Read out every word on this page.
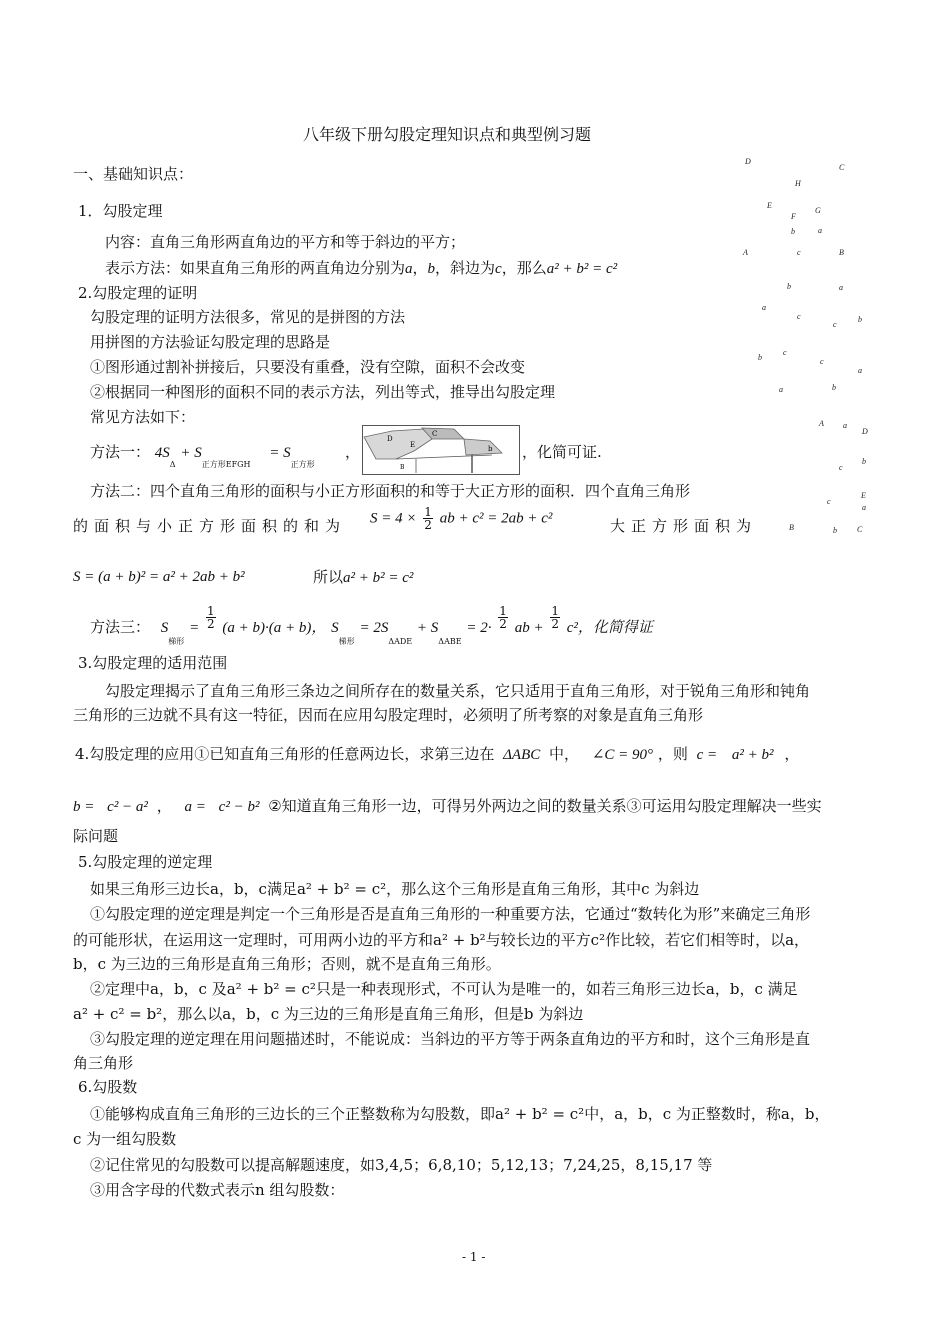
八年级下册勾股定理知识点和典型例习题
一、基础知识点：
1．勾股定理
内容：直角三角形两直角边的平方和等于斜边的平方；
表示方法：如果直角三角形的两直角边分别为a，b，斜边为c，那么a² + b² = c²
2.勾股定理的证明
勾股定理的证明方法很多，常见的是拼图的方法
用拼图的方法验证勾股定理的思路是
①图形通过割补拼接后，只要没有重叠，没有空隙，面积不会改变
②根据同一种图形的面积不同的表示方法，列出等式，推导出勾股定理
常见方法如下：
方法一： $4S_\Delta + S_{正方形EFGH} = S_{正方形}$
，
D
C
E	b
B
，化简可证.
方法二：四个直角三角形的面积与小正方形面积的和等于大正方形的面积．四个直角三角形
的面积与小正方形面积的和为 $S = 4 \times \frac{1}{2}$ ab + c² = 2ab + c²	大正方形面积为
S = (a + b)² = a² + 2ab + b²	所以a² + b² = c²
方法三： $S_{梯形} = \frac{1}{2} (a + b)\cdot(a + b)$， $S_{梯形} = 2S_{\Delta ADE} + S_{\Delta ABE} = 2\cdot \frac{1}{2}$ ab + $\frac{1}{2} c^2$，化简得证
3.勾股定理的适用范围
勾股定理揭示了直角三角形三条边之间所存在的数量关系，它只适用于直角三角形，对于锐角三角形和钝角
三角形的三边就不具有这一特征，因而在应用勾股定理时，必须明了所考察的对象是直角三角形
4.勾股定理的应用①已知直角三角形的任意两边长，求第三边在 ΔABC 中， ∠C = 90° ，则 c = a² + b² ，
b = c² − a² ， a = c² − b² ②知道直角三角形一边，可得另外两边之间的数量关系③可运用勾股定理解决一些实
际问题
5.勾股定理的逆定理
如果三角形三边长a，b，c满足a² + b² = c²，那么这个三角形是直角三角形，其中c 为斜边
①勾股定理的逆定理是判定一个三角形是否是直角三角形的一种重要方法，它通过“数转化为形”来确定三角形
的可能形状，在运用这一定理时，可用两小边的平方和a² + b²与较长边的平方c²作比较，若它们相等时，以a，
b，c 为三边的三角形是直角三角形；否则，就不是直角三角形。
②定理中a，b，c 及a² + b² = c²只是一种表现形式，不可认为是唯一的，如若三角形三边长a，b，c 满足
a² + c² = b²，那么以a，b，c 为三边的三角形是直角三角形，但是b 为斜边
③勾股定理的逆定理在用问题描述时，不能说成：当斜边的平方等于两条直角边的平方和时，这个三角形是直
角三角形
6.勾股数
①能够构成直角三角形的三边长的三个正整数称为勾股数，即a² + b² = c²中，a，b，c 为正整数时，称a，b，
c 为一组勾股数
②记住常见的勾股数可以提高解题速度，如3,4,5；6,8,10；5,12,13；7,24,25，8,15,17 等
③用含字母的代数式表示n 组勾股数：
- 1 -
D
C
H
E
G
F
b	a
A	c	B
b	a
a
c
c
b
b
c
c
a
a	b
A a
D
c
b
E
c
a
B	b	C
